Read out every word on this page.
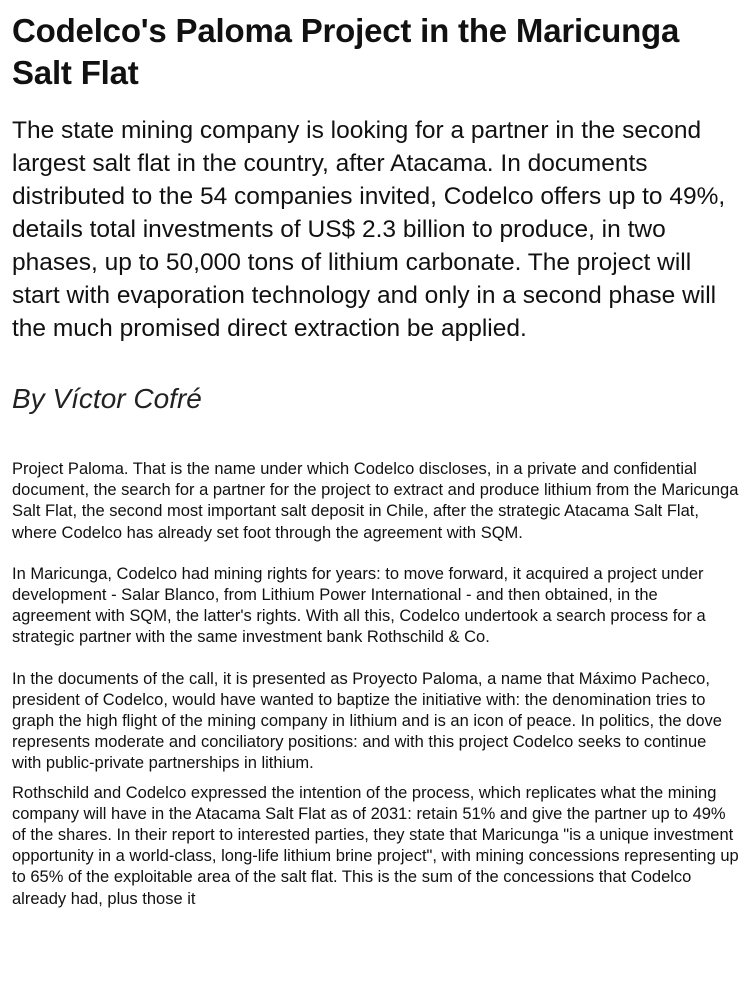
Codelco's Paloma Project in the Maricunga Salt Flat

The state mining company is looking for a partner in the second largest salt flat in the country, after Atacama. In documents distributed to the 54 companies invited, Codelco offers up to 49%, details total investments of US$ 2.3 billion to produce, in two phases, up to 50,000 tons of lithium carbonate. The project will start with evaporation technology and only in a second phase will the much promised direct extraction be applied.

By Víctor Cofré

Project Paloma. That is the name under which Codelco discloses, in a private and confidential document, the search for a partner for the project to extract and produce lithium from the Maricunga Salt Flat, the second most important salt deposit in Chile, after the strategic Atacama Salt Flat, where Codelco has already set foot through the agreement with SQM.

In Maricunga, Codelco had mining rights for years: to move forward, it acquired a project under development - Salar Blanco, from Lithium Power International - and then obtained, in the agreement with SQM, the latter's rights. With all this, Codelco undertook a search process for a strategic partner with the same investment bank Rothschild & Co.

In the documents of the call, it is presented as Proyecto Paloma, a name that Máximo Pacheco, president of Codelco, would have wanted to baptize the initiative with: the denomination tries to graph the high flight of the mining company in lithium and is an icon of peace. In politics, the dove represents moderate and conciliatory positions: and with this project Codelco seeks to continue with public-private partnerships in lithium.

Rothschild and Codelco expressed the intention of the process, which replicates what the mining company will have in the Atacama Salt Flat as of 2031: retain 51% and give the partner up to 49% of the shares. In their report to interested parties, they state that Maricunga "is a unique investment opportunity in a world-class, long-life lithium brine project", with mining concessions representing up to 65% of the exploitable area of the salt flat. This is the sum of the concessions that Codelco already had, plus those it
